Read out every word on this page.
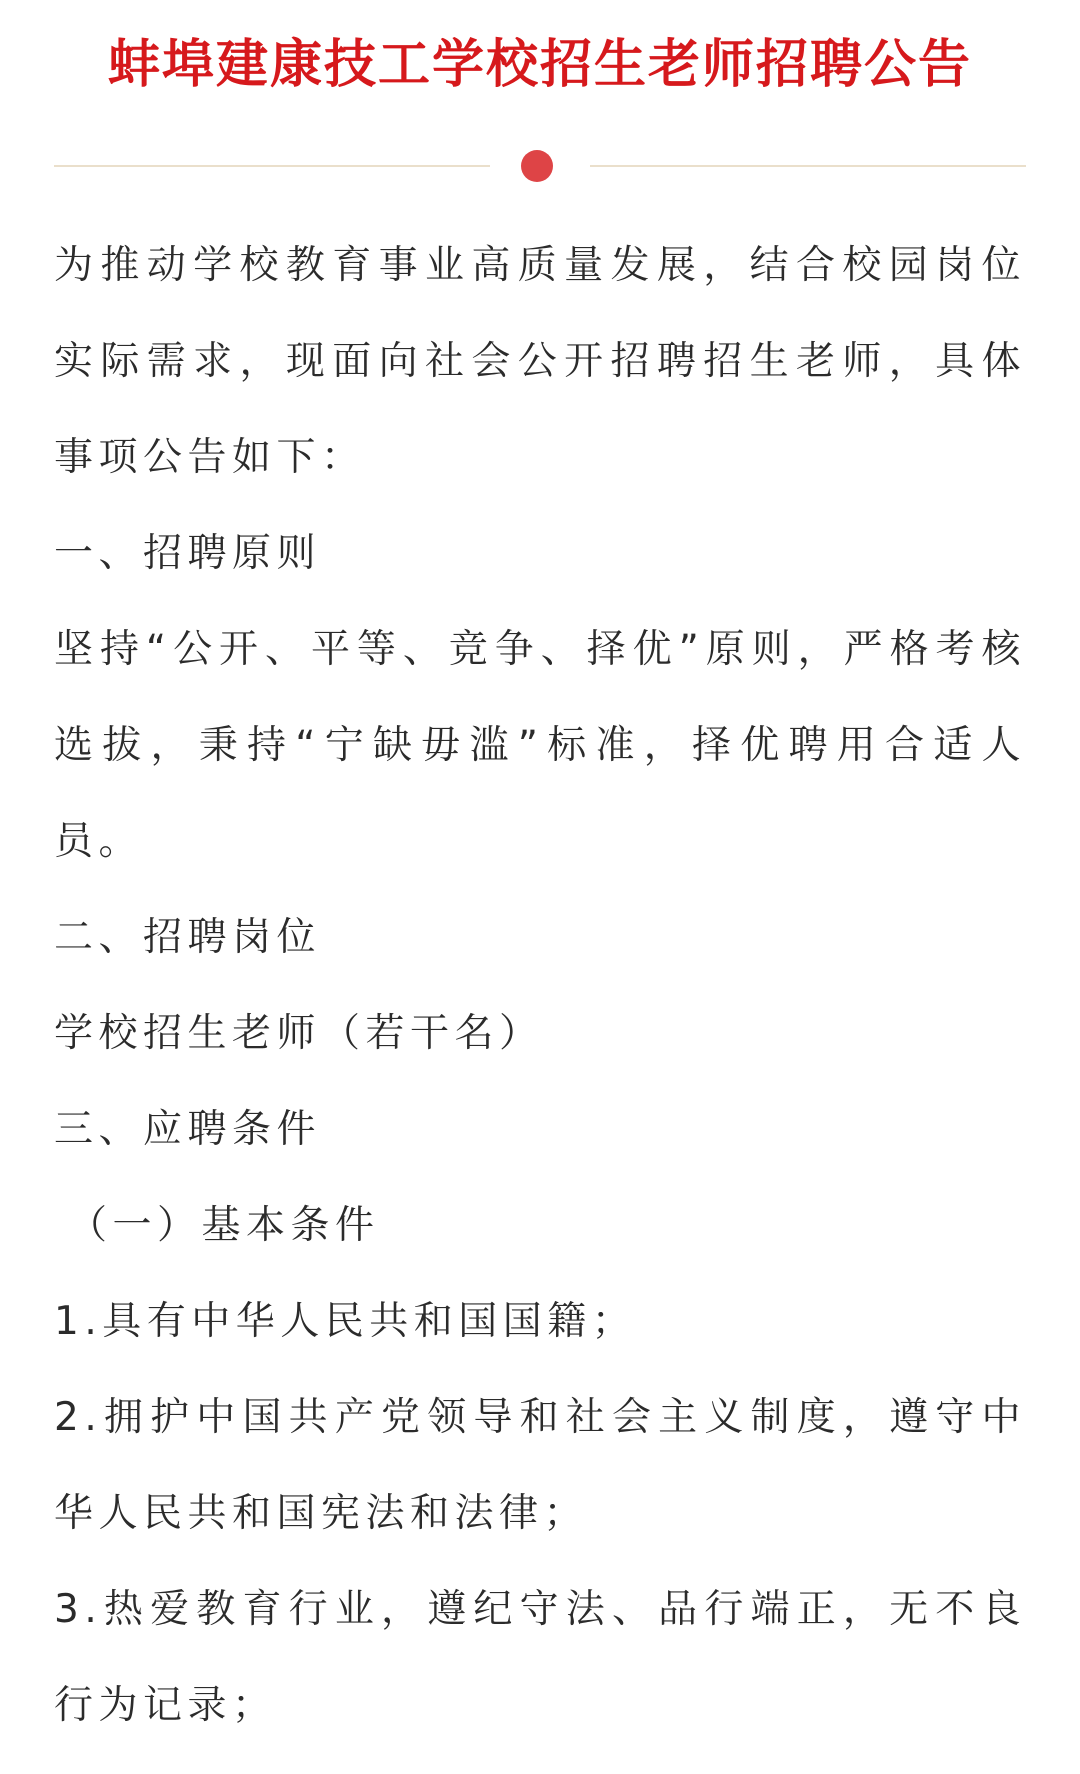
蚌埠建康技工学校招生老师招聘公告

为推动学校教育事业高质量发展，结合校园岗位实际需求，现面向社会公开招聘招生老师，具体事项公告如下：

一、招聘原则

坚持“公开、平等、竞争、择优”原则，严格考核选拔，秉持“宁缺毋滥”标准，择优聘用合适人员。

二、招聘岗位

学校招生老师（若干名）

三、应聘条件

（一）基本条件

1.具有中华人民共和国国籍；

2.拥护中国共产党领导和社会主义制度，遵守中华人民共和国宪法和法律；

3.热爱教育行业，遵纪守法、品行端正，无不良行为记录；
